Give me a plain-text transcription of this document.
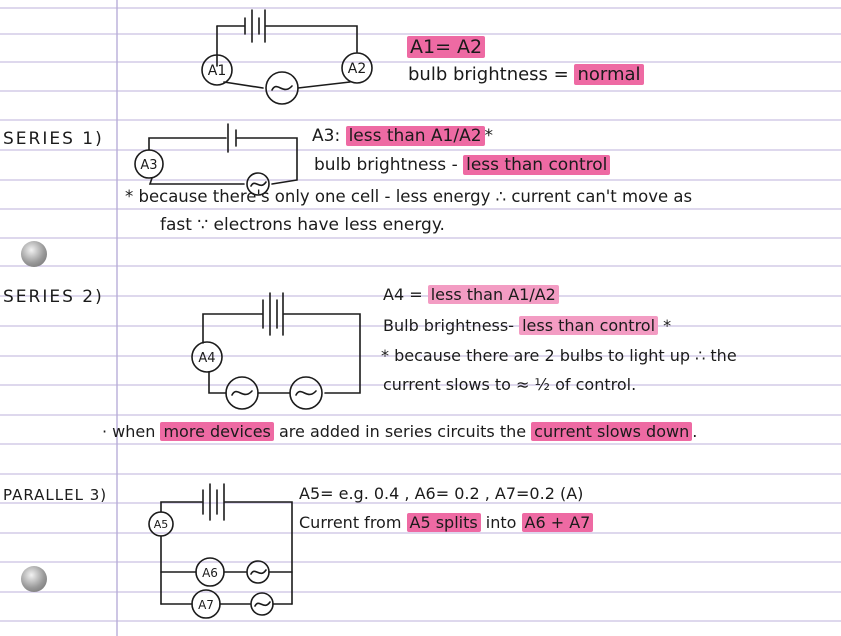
A1	A2
A3
A4
A5
A6
A7
A1= A2
bulb brightness = normal
SERIES 1)	A3: less than A1/A2 *
bulb brightness - less than control
* because there's only one cell - less energy ∴ current can't move as
fast ∵ electrons have less energy.
SERIES 2)	A4 = less than A1/A2
Bulb brightness- less than control *
* because there are 2 bulbs to light up ∴ the
current slows to ≈ ½ of control.
· when more devices are added in series circuits the current slows down .
PARALLEL 3)	A5= e.g. 0.4 , A6= 0.2 , A7=0.2 (A)
Current from A5 splits into A6 + A7
